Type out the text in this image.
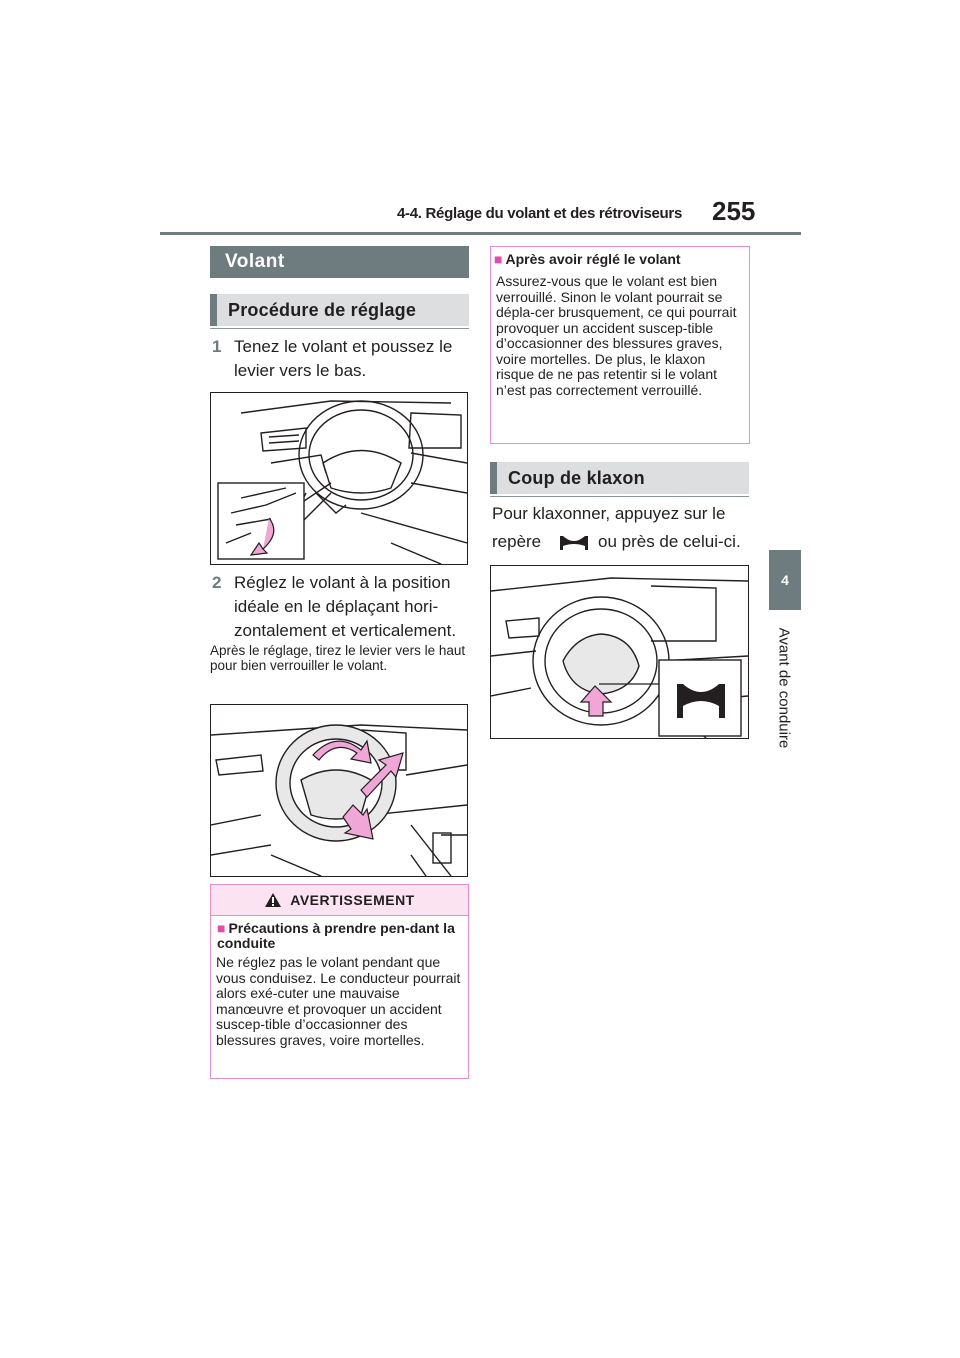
4-4. Réglage du volant et des rétroviseurs	255
4
Avant de conduire
Volant
Procédure de réglage
1 Tenez le volant et poussez le levier vers le bas.
2 Réglez le volant à la position idéale en le déplaçant hori-zontalement et verticalement.
Après le réglage, tirez le levier vers le haut pour bien verrouiller le volant.
AVERTISSEMENT
■ Précautions à prendre pen-dant la conduite
Ne réglez pas le volant pendant que vous conduisez. Le conducteur pourrait alors exé-cuter une mauvaise manœuvre et provoquer un accident suscep-tible d’occasionner des blessures graves, voire mortelles.
■ Après avoir réglé le volant
Assurez-vous que le volant est bien verrouillé. Sinon le volant pourrait se dépla-cer brusquement, ce qui pourrait provoquer un accident suscep-tible d’occasionner des blessures graves, voire mortelles. De plus, le klaxon risque de ne pas retentir si le volant n’est pas correctement verrouillé.
Coup de klaxon
Pour klaxonner, appuyez sur le
repère	ou près de celui-ci.
